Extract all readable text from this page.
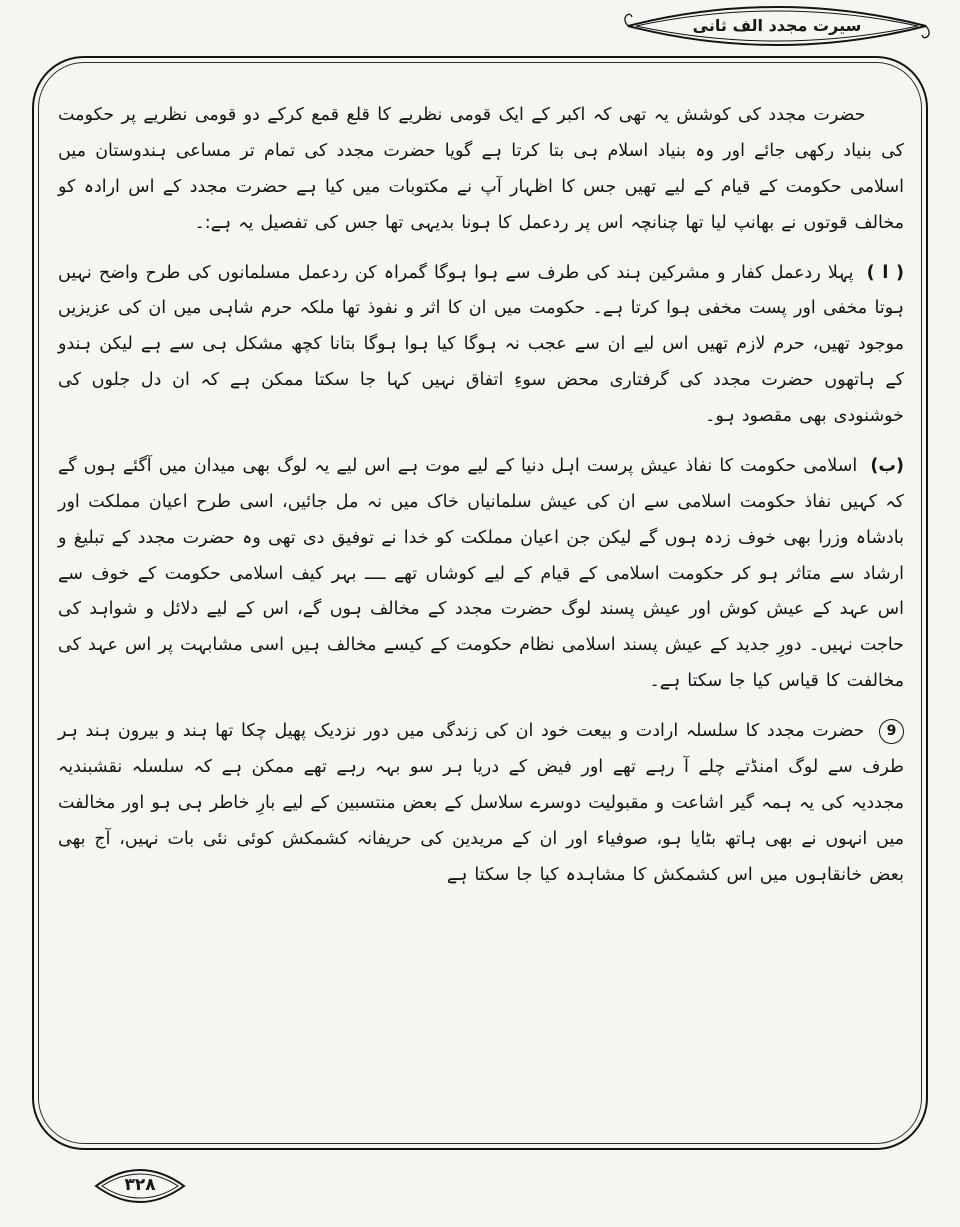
سیرت مجدد الف ثانی

حضرت مجدد کی کوشش یہ تھی کہ اکبر کے ایک قومی نظریے کا قلع قمع کرکے دو قومی نظریے پر حکومت کی بنیاد رکھی جائے اور وہ بنیاد اسلام ہی بتا کرتا ہے گویا حضرت مجدد کی تمام تر مساعی ہندوستان میں اسلامی حکومت کے قیام کے لیے تھیں جس کا اظہار آپ نے مکتوبات میں کیا ہے حضرت مجدد کے اس ارادہ کو مخالف قوتوں نے بھانپ لیا تھا چنانچہ اس پر ردعمل کا ہونا بدیہی تھا جس کی تفصیل یہ ہے:۔

( ا ) پہلا ردعمل کفار و مشرکین ہند کی طرف سے ہوا ہوگا گمراہ کن ردعمل مسلمانوں کی طرح واضح نہیں ہوتا مخفی اور پست مخفی ہوا کرتا ہے۔ حکومت میں ان کا اثر و نفوذ تھا ملکہ حرم شاہی میں ان کی عزیزیں موجود تھیں، حرم لازم تھیں اس لیے ان سے عجب نہ ہوگا کیا ہوا ہوگا بتانا کچھ مشکل ہی سے ہے لیکن ہندو کے ہاتھوں حضرت مجدد کی گرفتاری محض سوءِ اتفاق نہیں کہا جا سکتا ممکن ہے کہ ان دل جلوں کی خوشنودی بھی مقصود ہو۔

(ب) اسلامی حکومت کا نفاذ عیش پرست اہل دنیا کے لیے موت ہے اس لیے یہ لوگ بھی میدان میں آگئے ہوں گے کہ کہیں نفاذ حکومت اسلامی سے ان کی عیش سلمانیاں خاک میں نہ مل جائیں، اسی طرح اعیان مملکت اور بادشاہ وزرا بھی خوف زدہ ہوں گے لیکن جن اعیان مملکت کو خدا نے توفیق دی تھی وہ حضرت مجدد کے تبلیغ و ارشاد سے متاثر ہو کر حکومت اسلامی کے قیام کے لیے کوشاں تھے ــــ بہر کیف اسلامی حکومت کے خوف سے اس عہد کے عیش کوش اور عیش پسند لوگ حضرت مجدد کے مخالف ہوں گے، اس کے لیے دلائل و شواہد کی حاجت نہیں۔ دورِ جدید کے عیش پسند اسلامی نظام حکومت کے کیسے مخالف ہیں اسی مشابہت پر اس عہد کی مخالفت کا قیاس کیا جا سکتا ہے۔

9 حضرت مجدد کا سلسلہ ارادت و بیعت خود ان کی زندگی میں دور نزدیک پھیل چکا تھا ہند و بیرون ہند ہر طرف سے لوگ امنڈتے چلے آ رہے تھے اور فیض کے دریا ہر سو بہہ رہے تھے ممکن ہے کہ سلسلہ نقشبندیہ مجددیہ کی یہ ہمہ گیر اشاعت و مقبولیت دوسرے سلاسل کے بعض منتسبین کے لیے بارِ خاطر ہی ہو اور مخالفت میں انہوں نے بھی ہاتھ بٹایا ہو، صوفیاء اور ان کے مریدین کی حریفانہ کشمکش کوئی نئی بات نہیں، آج بھی بعض خانقاہوں میں اس کشمکش کا مشاہدہ کیا جا سکتا ہے

۳۲۸
